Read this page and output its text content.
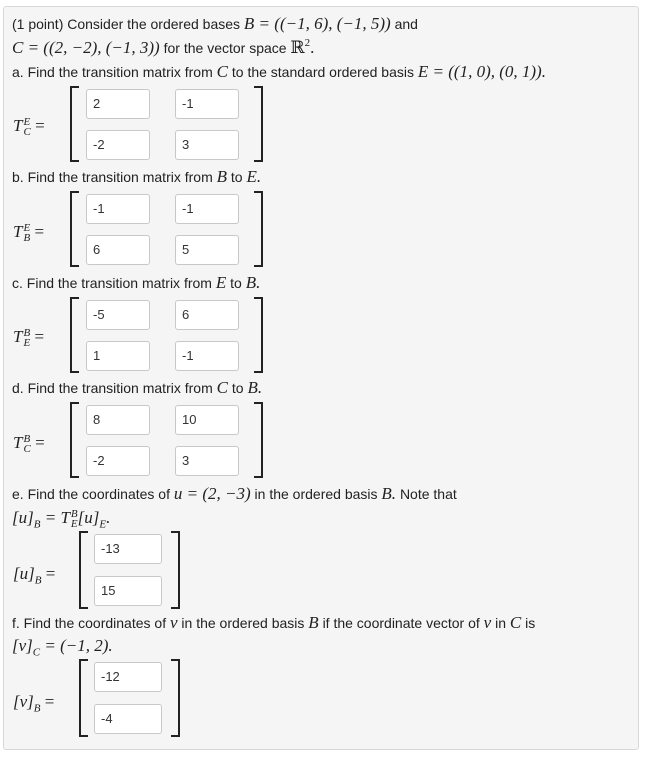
(1 point) Consider the ordered bases B = ((−1, 6), (−1, 5)) and
C = ((2, −2), (−1, 3)) for the vector space ℝ$^2$.
a. Find the transition matrix from C to the standard ordered basis E = ((1, 0), (0, 1)).
T E
C =
2	-1
-2	3
b. Find the transition matrix from B to E.
T E
B =
-1	-1
6	5
c. Find the transition matrix from E to B.
T B
E =
-5	6
1	-1
d. Find the transition matrix from C to B.
T B
C =
8	10
-2	3
e. Find the coordinates of u = (2, −3) in the ordered basis B. Note that
$[u]_B = T$ B
E $[u]_E$.
$[u]_B$ =
-13
15
f. Find the coordinates of v in the ordered basis B if the coordinate vector of v in C is
$[v]_C = (-1$, 2).
$[v]_B$ =
-12
-4
